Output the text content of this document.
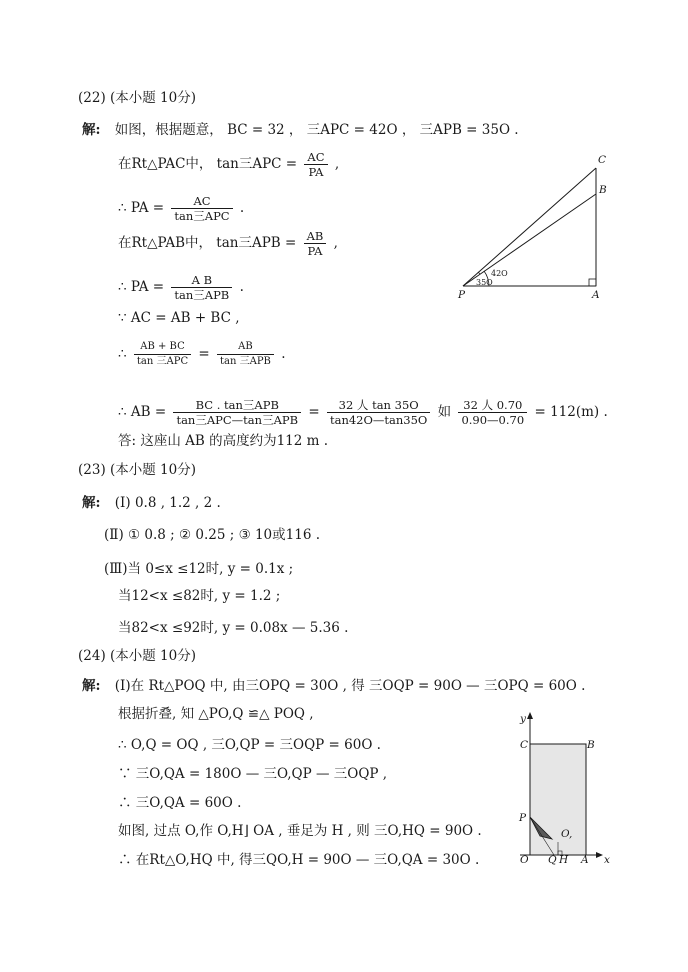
(22) (本小题 10分)
解: 如图，根据题意， BC = 32 ， 三APC = 42O ， 三APB = 35O .
在Rt△PAC中， tan三APC = $\frac{AC}{PA}$ ,
∴ PA = $\frac{AC}{\text{tan三APC}}$ .
在Rt△PAB中， tan三APB = $\frac{AB}{PA}$ ,
∴ PA = $\frac{\text{A B}}{\text{tan三APB}}$ .
∵ AC = AB + BC ,
∴ $\frac{AB + BC}{\text{tan 三APC}} = \frac{AB}{\text{tan 三APB}}$ .
∴ AB = $\frac{\text{BC . tan三APB}}{\text{tan三APC—tan三APB}} = \frac{\text{32 人 tan 35O}}{\tan 42O—\tan 35O}$ 如 $\frac{\text{32 人 0.70}}{0.90—0.70} = 112(m)$ .
答: 这座山 AB 的高度约为112 m .
C
B
P	A
42O
35O
(23) (本小题 10分)
解: (Ⅰ) 0.8 , 1.2 , 2 .
(Ⅱ) ① 0.8 ; ② 0.25 ; ③ 10或116 .
(Ⅲ)当 0≤x ≤12时, y = 0.1x ;
当12<x ≤82时, y = 1.2 ;
当82<x ≤92时, y = 0.08x — 5.36 .
(24) (本小题 10分)
解: (Ⅰ)在 Rt△POQ 中, 由三OPQ = 30O , 得 三OQP = 90O — 三OPQ = 60O .
根据折叠, 知 △PO,Q ≌△ POQ ,
∴ O,Q = OQ , 三O,QP = 三OQP = 60O .
∵ 三O,QA = 180O — 三O,QP — 三OQP ,
∴ 三O,QA = 60O .
如图, 过点 O,作 O,H⌋ OA , 垂足为 H , 则 三O,HQ = 90O .
∴ 在Rt△O,HQ 中, 得三QO,H = 90O — 三O,QA = 30O .
y
x
C	B
P
O,
O Q H A
